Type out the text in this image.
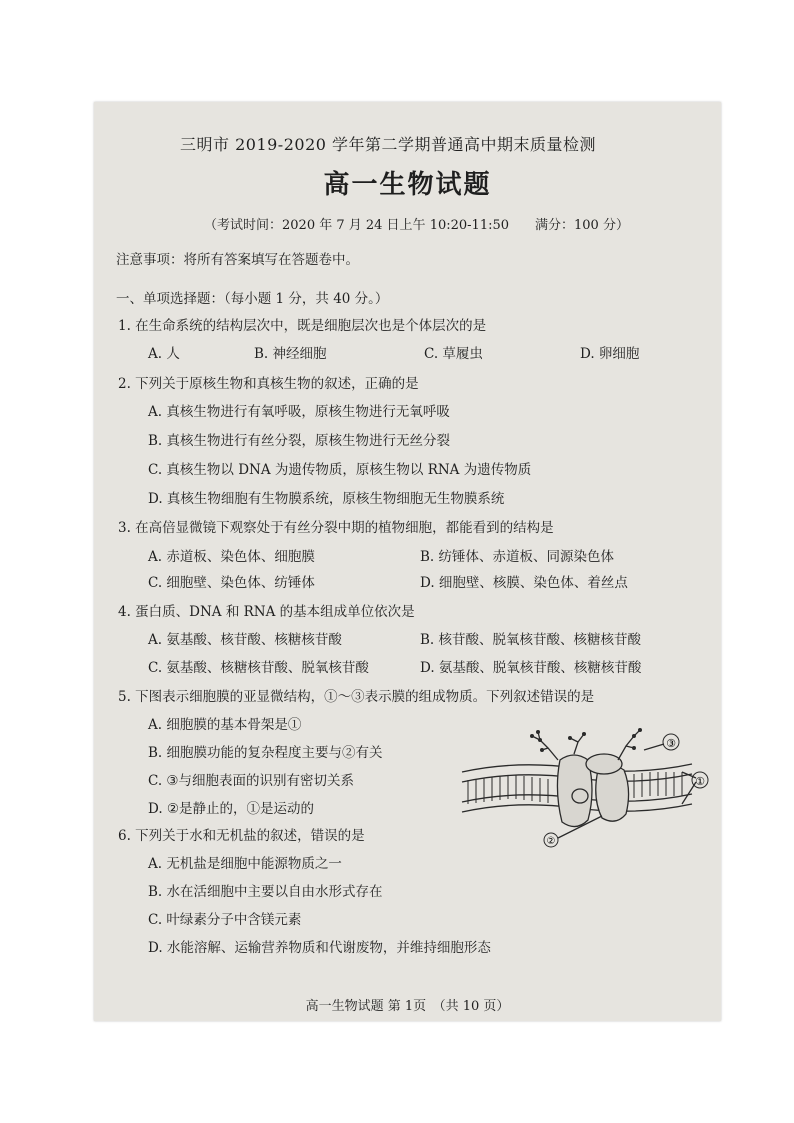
三明市 2019-2020 学年第二学期普通高中期末质量检测
高一生物试题
（考试时间：2020 年 7 月 24 日上午 10:20-11:50　　满分：100 分）
注意事项：将所有答案填写在答题卷中。
一、单项选择题：（每小题 1 分，共 40 分。）
1. 在生命系统的结构层次中，既是细胞层次也是个体层次的是
A. 人	B. 神经细胞	C. 草履虫	D. 卵细胞
2. 下列关于原核生物和真核生物的叙述，正确的是
A. 真核生物进行有氧呼吸，原核生物进行无氧呼吸
B. 真核生物进行有丝分裂，原核生物进行无丝分裂
C. 真核生物以 DNA 为遗传物质，原核生物以 RNA 为遗传物质
D. 真核生物细胞有生物膜系统，原核生物细胞无生物膜系统
3. 在高倍显微镜下观察处于有丝分裂中期的植物细胞，都能看到的结构是
A. 赤道板、染色体、细胞膜	B. 纺锤体、赤道板、同源染色体
C. 细胞壁、染色体、纺锤体	D. 细胞壁、核膜、染色体、着丝点
4. 蛋白质、DNA 和 RNA 的基本组成单位依次是
A. 氨基酸、核苷酸、核糖核苷酸	B. 核苷酸、脱氧核苷酸、核糖核苷酸
C. 氨基酸、核糖核苷酸、脱氧核苷酸	D. 氨基酸、脱氧核苷酸、核糖核苷酸
5. 下图表示细胞膜的亚显微结构，①～③表示膜的组成物质。下列叙述错误的是
A. 细胞膜的基本骨架是①
B. 细胞膜功能的复杂程度主要与②有关
C. ③与细胞表面的识别有密切关系
D. ②是静止的，①是运动的
③
①
②
6. 下列关于水和无机盐的叙述，错误的是
A. 无机盐是细胞中能源物质之一
B. 水在活细胞中主要以自由水形式存在
C. 叶绿素分子中含镁元素
D. 水能溶解、运输营养物质和代谢废物，并维持细胞形态
高一生物试题 第 1页　（共 10 页）
